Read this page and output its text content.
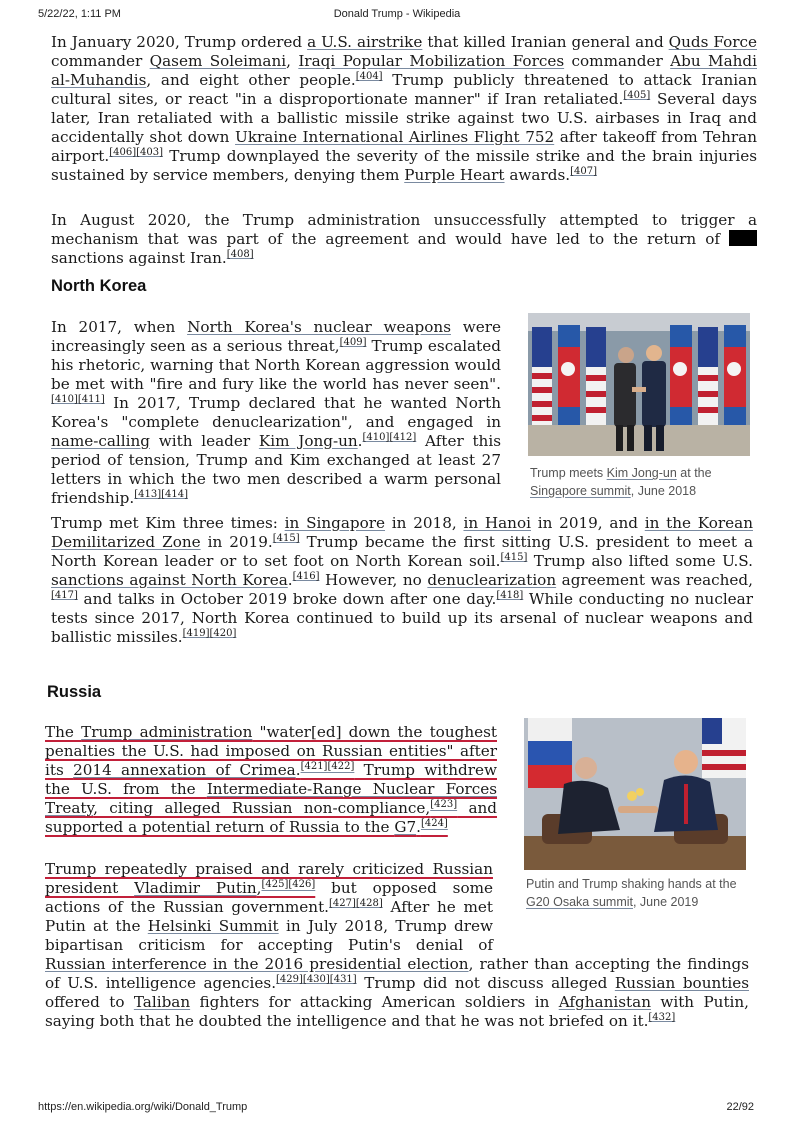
5/22/22, 1:11 PM	Donald Trump - Wikipedia

In January 2020, Trump ordered a U.S. airstrike that killed Iranian general and Quds Force commander Qasem Soleimani, Iraqi Popular Mobilization Forces commander Abu Mahdi al-Muhandis, and eight other people.[404] Trump publicly threatened to attack Iranian cultural sites, or react "in a disproportionate manner" if Iran retaliated.[405] Several days later, Iran retaliated with a ballistic missile strike against two U.S. airbases in Iraq and accidentally shot down Ukraine International Airlines Flight 752 after takeoff from Tehran airport.[406][403] Trump downplayed the severity of the missile strike and the brain injuries sustained by service members, denying them Purple Heart awards.[407]

In August 2020, the Trump administration unsuccessfully attempted to trigger a mechanism that was part of the agreement and would have led to the return of  sanctions against Iran.[408]

North Korea

In 2017, when North Korea's nuclear weapons were increasingly seen as a serious threat,[409] Trump escalated his rhetoric, warning that North Korean aggression would be met with "fire and fury like the world has never seen".[410][411] In 2017, Trump declared that he wanted North Korea's "complete denuclearization", and engaged in name-calling with leader Kim Jong-un.[410][412] After this period of tension, Trump and Kim exchanged at least 27 letters in which the two men described a warm personal friendship.[413][414]

Trump meets Kim Jong-un at the Singapore summit, June 2018

Trump met Kim three times: in Singapore in 2018, in Hanoi in 2019, and in the Korean Demilitarized Zone in 2019.[415] Trump became the first sitting U.S. president to meet a North Korean leader or to set foot on North Korean soil.[415] Trump also lifted some U.S. sanctions against North Korea.[416] However, no denuclearization agreement was reached,[417] and talks in October 2019 broke down after one day.[418] While conducting no nuclear tests since 2017, North Korea continued to build up its arsenal of nuclear weapons and ballistic missiles.[419][420]

Russia

The Trump administration "water[ed] down the toughest penalties the U.S. had imposed on Russian entities" after its 2014 annexation of Crimea.[421][422] Trump withdrew the U.S. from the Intermediate-Range Nuclear Forces Treaty, citing alleged Russian non-compliance,[423] and supported a potential return of Russia to the G7.[424]

Putin and Trump shaking hands at the G20 Osaka summit, June 2019

Trump repeatedly praised and rarely criticized Russian president Vladimir Putin,[425][426] but opposed some actions of the Russian government.[427][428] After he met Putin at the Helsinki Summit in July 2018, Trump drew bipartisan criticism for accepting Putin's denial of Russian interference in the 2016 presidential election, rather than accepting the findings of U.S. intelligence agencies.[429][430][431] Trump did not discuss alleged Russian bounties offered to Taliban fighters for attacking American soldiers in Afghanistan with Putin, saying both that he doubted the intelligence and that he was not briefed on it.[432]

https://en.wikipedia.org/wiki/Donald_Trump	22/92
